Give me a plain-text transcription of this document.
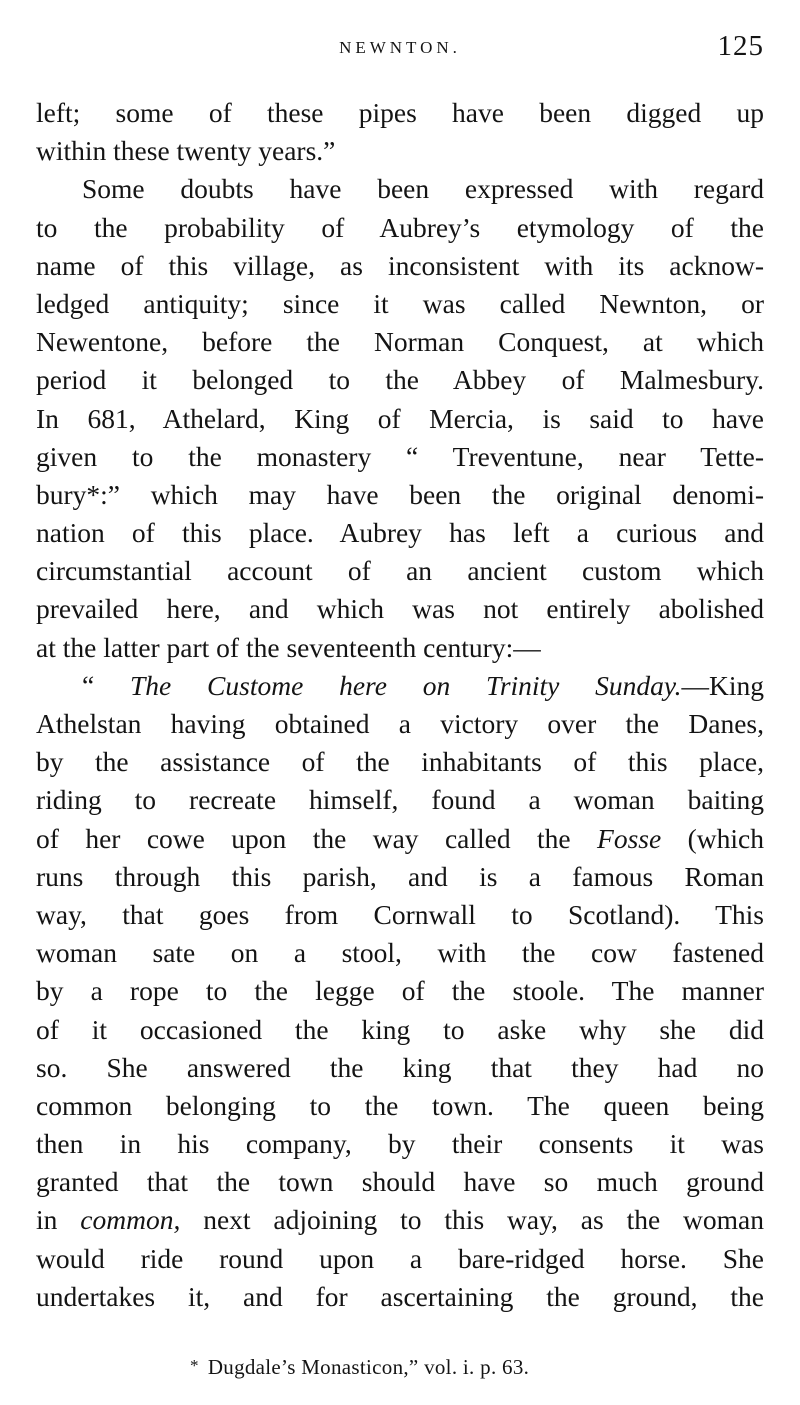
NEWNTON.	125
left; some of these pipes have been digged up
within these twenty years.”
Some doubts have been expressed with regard
to the probability of Aubrey’s etymology of the
name of this village, as inconsistent with its acknow-
ledged antiquity; since it was called Newnton, or
Newentone, before the Norman Conquest, at which
period it belonged to the Abbey of Malmesbury.
In 681, Athelard, King of Mercia, is said to have
given to the monastery “ Treventune, near Tette-
bury*:” which may have been the original denomi-
nation of this place. Aubrey has left a curious and
circumstantial account of an ancient custom which
prevailed here, and which was not entirely abolished
at the latter part of the seventeenth century:—
“ The Custome here on Trinity Sunday.—King
Athelstan having obtained a victory over the Danes,
by the assistance of the inhabitants of this place,
riding to recreate himself, found a woman baiting
of her cowe upon the way called the Fosse (which
runs through this parish, and is a famous Roman
way, that goes from Cornwall to Scotland). This
woman sate on a stool, with the cow fastened
by a rope to the legge of the stoole. The manner
of it occasioned the king to aske why she did
so. She answered the king that they had no
common belonging to the town. The queen being
then in his company, by their consents it was
granted that the town should have so much ground
in common, next adjoining to this way, as the woman
would ride round upon a bare-ridged horse. She
undertakes it, and for ascertaining the ground, the
* Dugdale’s Monasticon,” vol. i. p. 63.
